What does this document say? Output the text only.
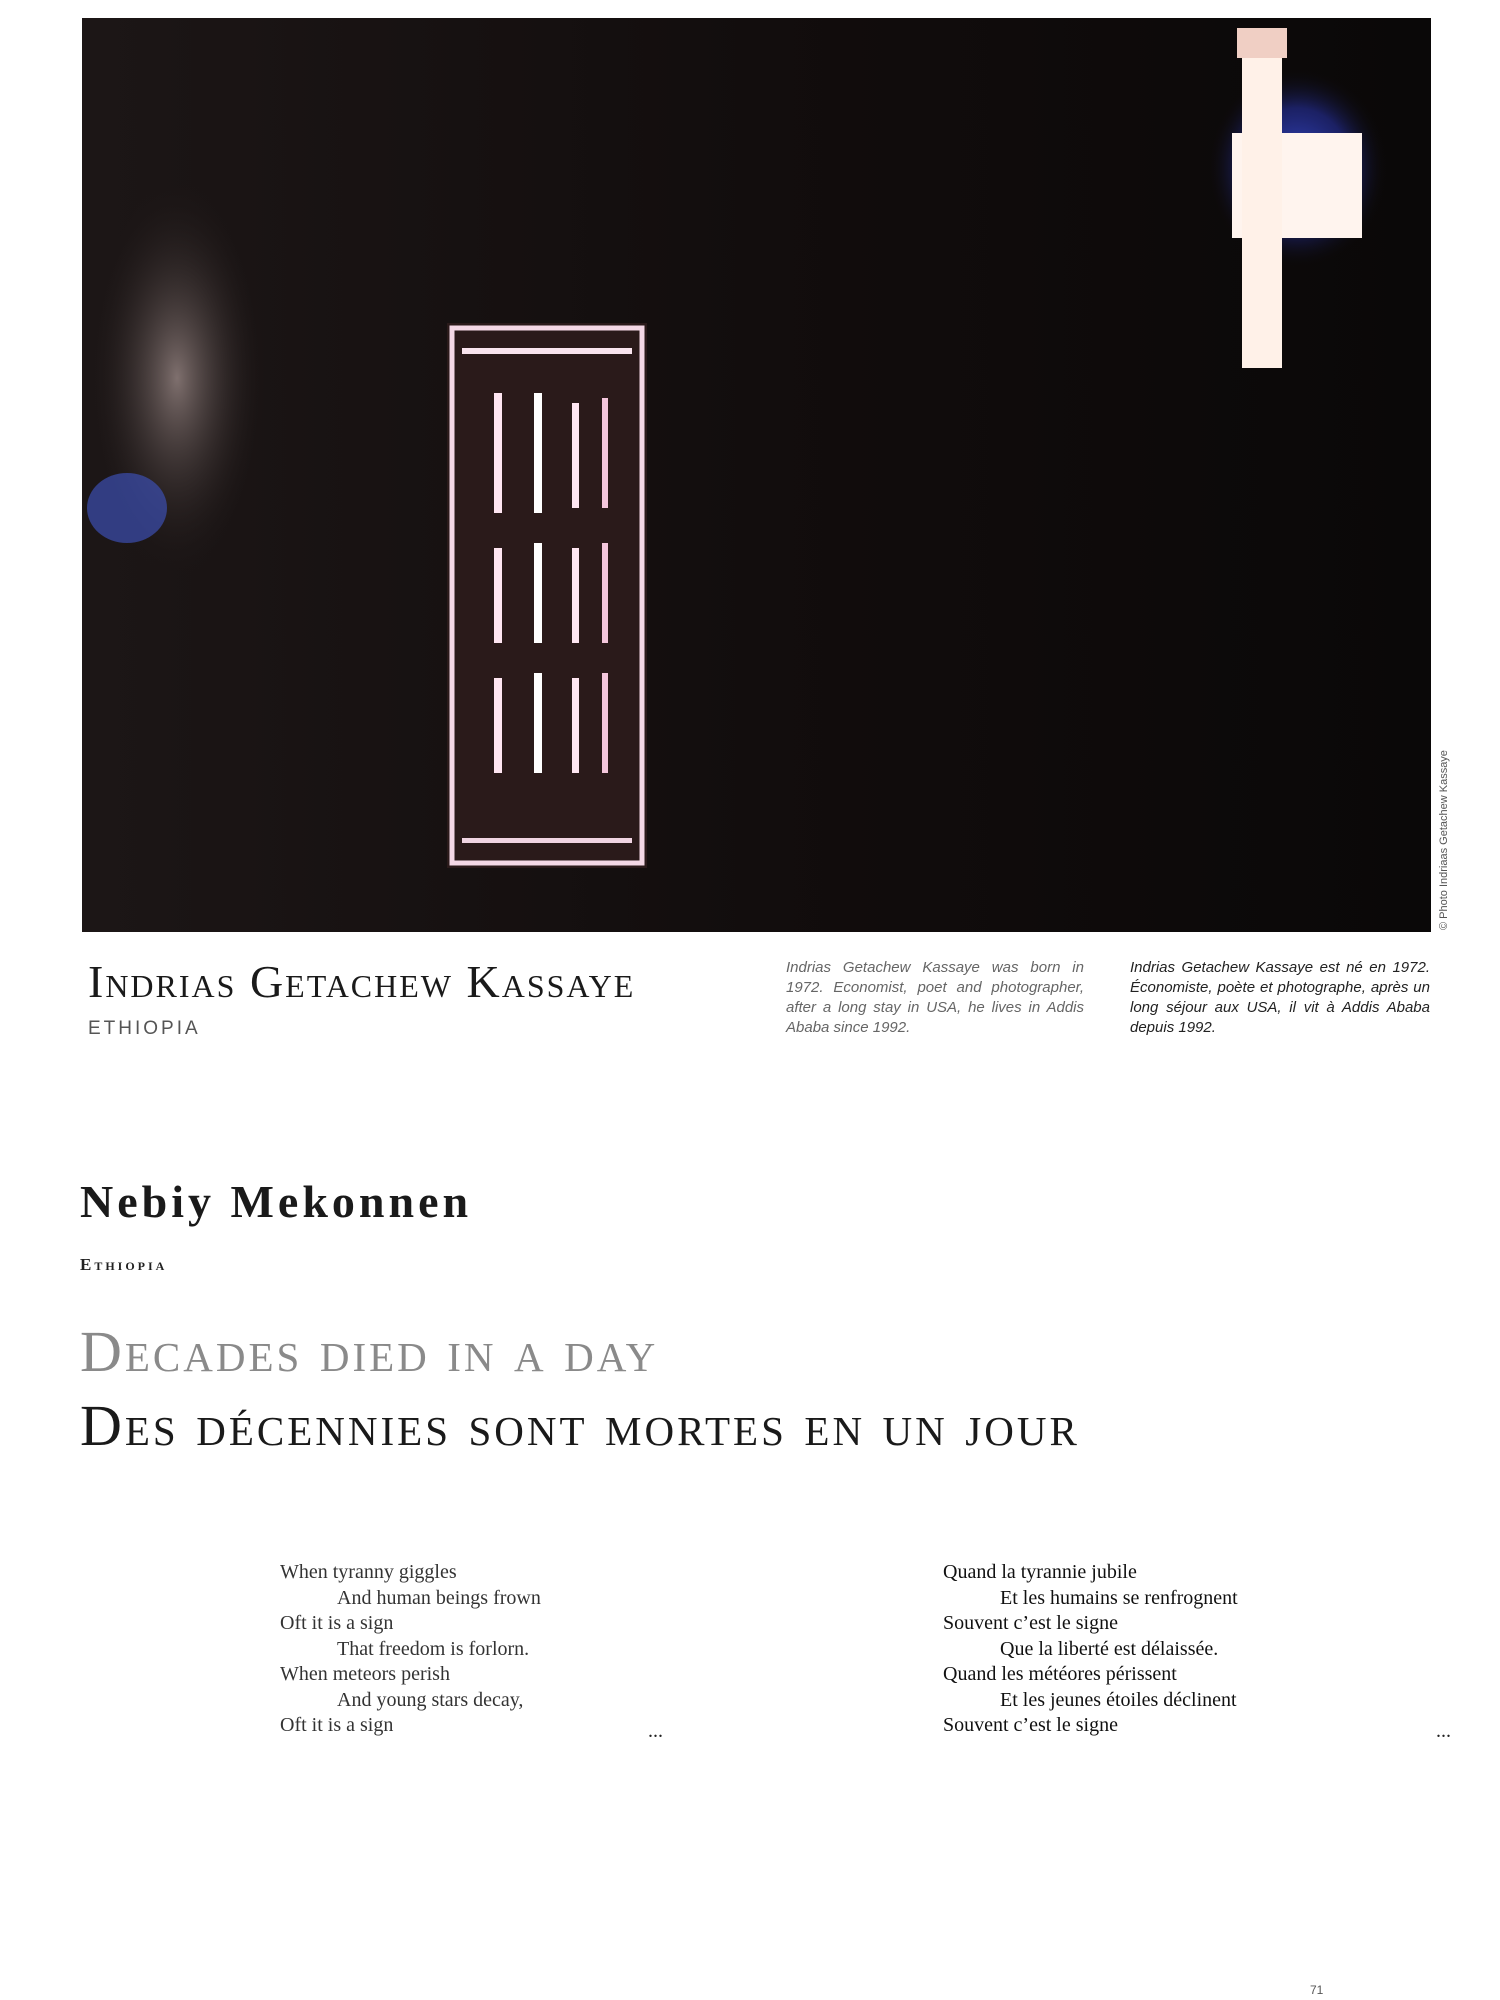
© Photo Indriaas Getachew Kassaye
Indrias Getachew Kassaye
ETHIOPIA
Indrias Getachew Kassaye was born in 1972. Economist, poet and photographer, after a long stay in USA, he lives in Addis Ababa since 1992.
Indrias Getachew Kassaye est né en 1972. Économiste, poète et photographe, après un long séjour aux USA, il vit à Addis Ababa depuis 1992.
Nebiy Mekonnen
Ethiopia
Decades died in a day
Des décennies sont mortes en un jour
When tyranny giggles
And human beings frown
Oft it is a sign
That freedom is forlorn.
When meteors perish
And young stars decay,
Oft it is a sign	...
Quand la tyrannie jubile
Et les humains se renfrognent
Souvent c’est le signe
Que la liberté est délaissée.
Quand les météores périssent
Et les jeunes étoiles déclinent
Souvent c’est le signe	...
71
